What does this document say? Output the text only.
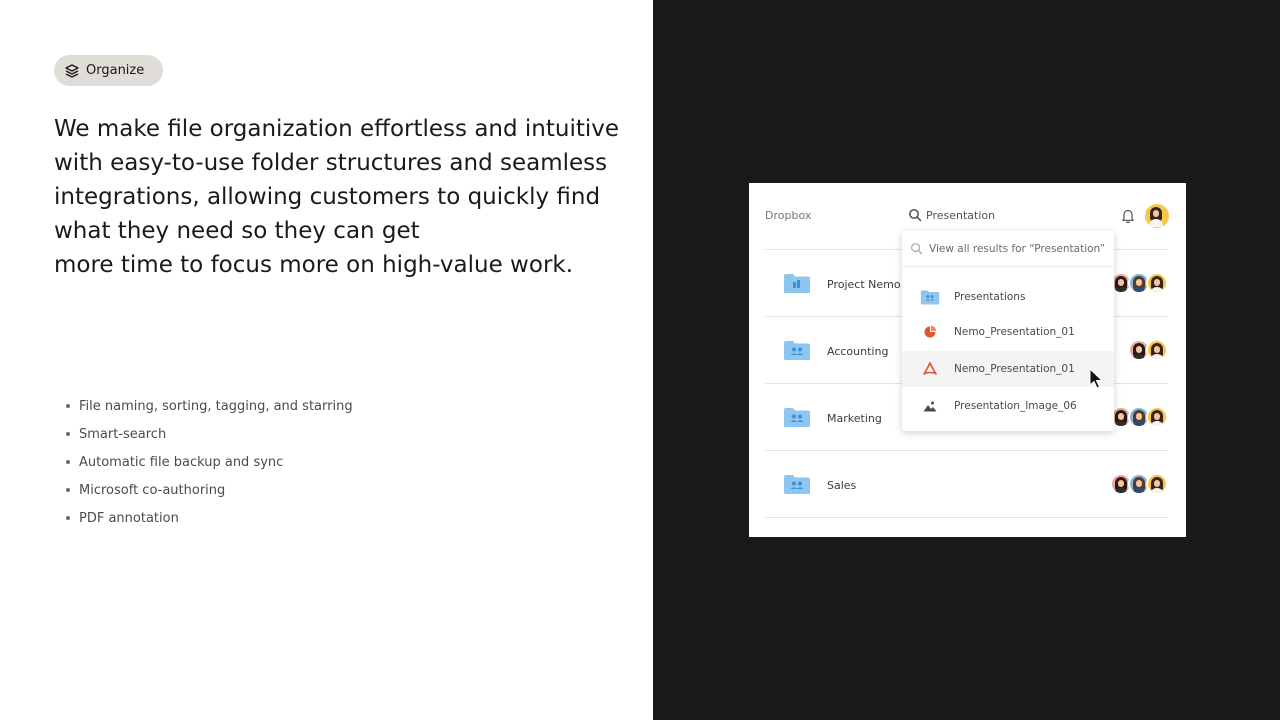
Organize
We make file organization effortless and intuitive
with easy-to-use folder structures and seamless
integrations, allowing customers to quickly find
what they need so they can get
more time to focus more on high-value work.
File naming, sorting, tagging, and starring
Smart-search
Automatic file backup and sync
Microsoft co-authoring
PDF annotation
Dropbox	Presentation
Project Nemo
Accounting
Marketing
Sales
View all results for “Presentation”
Presentations
Nemo_Presentation_01
Nemo_Presentation_01
Presentation_Image_06
